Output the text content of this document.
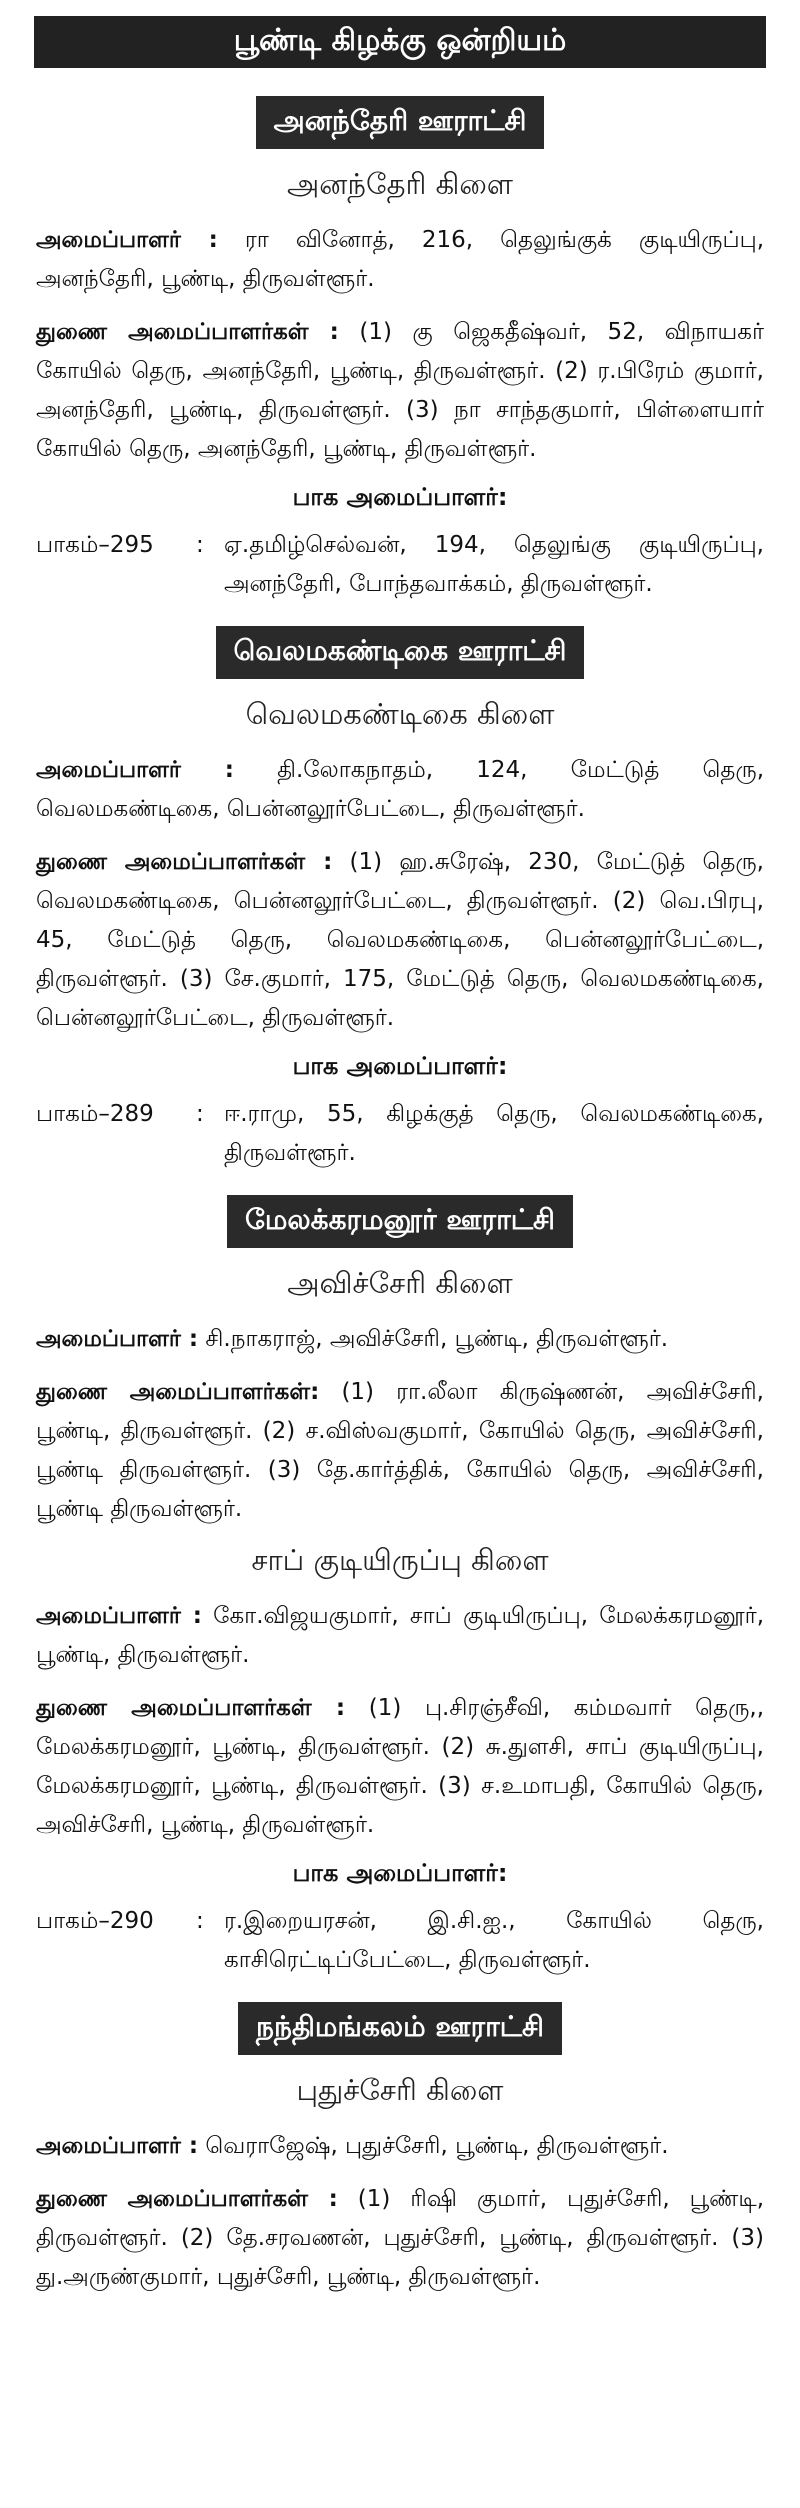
பூண்டி கிழக்கு ஒன்றியம்
அனந்தேரி ஊராட்சி
அனந்தேரி கிளை

அமைப்பாளர் : ரா வினோத், 216, தெலுங்குக் குடியிருப்பு, அனந்தேரி, பூண்டி, திருவள்ளூர்.

துணை அமைப்பாளர்கள் : (1) கு ஜெகதீஷ்வர், 52, விநாயகர் கோயில் தெரு, அனந்தேரி, பூண்டி, திருவள்ளூர். (2) ர.பிரேம் குமார், அனந்தேரி, பூண்டி, திருவள்ளூர். (3) நா சாந்தகுமார், பிள்ளையார் கோயில் தெரு, அனந்தேரி, பூண்டி, திருவள்ளூர்.

பாக அமைப்பாளர்:
பாகம்–295	: ஏ.தமிழ்செல்வன், 194, தெலுங்கு குடியிருப்பு, அனந்தேரி, போந்தவாக்கம், திருவள்ளூர்.
வெலமகண்டிகை ஊராட்சி
வெலமகண்டிகை கிளை

அமைப்பாளர் : தி.லோகநாதம், 124, மேட்டுத் தெரு, வெலமகண்டிகை, பென்னலூர்பேட்டை, திருவள்ளூர்.

துணை அமைப்பாளர்கள் : (1) ஹ.சுரேஷ், 230, மேட்டுத் தெரு, வெலமகண்டிகை, பென்னலூர்பேட்டை, திருவள்ளூர். (2) வெ.பிரபு, 45, மேட்டுத் தெரு, வெலமகண்டிகை, பென்னலூர்பேட்டை, திருவள்ளூர். (3) சே.குமார், 175, மேட்டுத் தெரு, வெலமகண்டிகை, பென்னலூர்பேட்டை, திருவள்ளூர்.

பாக அமைப்பாளர்:
பாகம்–289	: ஈ.ராமு, 55, கிழக்குத் தெரு, வெலமகண்டிகை, திருவள்ளூர்.
மேலக்கரமனூர் ஊராட்சி
அவிச்சேரி கிளை

அமைப்பாளர் : சி.நாகராஜ், அவிச்சேரி, பூண்டி, திருவள்ளூர்.

துணை அமைப்பாளர்கள்: (1) ரா.லீலா கிருஷ்ணன், அவிச்சேரி, பூண்டி, திருவள்ளூர். (2) ச.விஸ்வகுமார், கோயில் தெரு, அவிச்சேரி, பூண்டி திருவள்ளூர். (3) தே.கார்த்திக், கோயில் தெரு, அவிச்சேரி, பூண்டி திருவள்ளூர்.

சாப் குடியிருப்பு கிளை

அமைப்பாளர் : கோ.விஜயகுமார், சாப் குடியிருப்பு, மேலக்கரமனூர், பூண்டி, திருவள்ளூர்.

துணை அமைப்பாளர்கள் : (1) பு.சிரஞ்சீவி, கம்மவார் தெரு,, மேலக்கரமனூர், பூண்டி, திருவள்ளூர். (2) சு.துளசி, சாப் குடியிருப்பு, மேலக்கரமனூர், பூண்டி, திருவள்ளூர். (3) ச.உமாபதி, கோயில் தெரு, அவிச்சேரி, பூண்டி, திருவள்ளூர்.

பாக அமைப்பாளர்:
பாகம்–290	: ர.இறையரசன், இ.சி.ஐ., கோயில் தெரு, காசிரெட்டிப்பேட்டை, திருவள்ளூர்.
நந்திமங்கலம் ஊராட்சி
புதுச்சேரி கிளை

அமைப்பாளர் : வெராஜேஷ், புதுச்சேரி, பூண்டி, திருவள்ளூர்.

துணை அமைப்பாளர்கள் : (1) ரிஷி குமார், புதுச்சேரி, பூண்டி, திருவள்ளூர். (2) தே.சரவணன், புதுச்சேரி, பூண்டி, திருவள்ளூர். (3) து.அருண்குமார், புதுச்சேரி, பூண்டி, திருவள்ளூர்.
